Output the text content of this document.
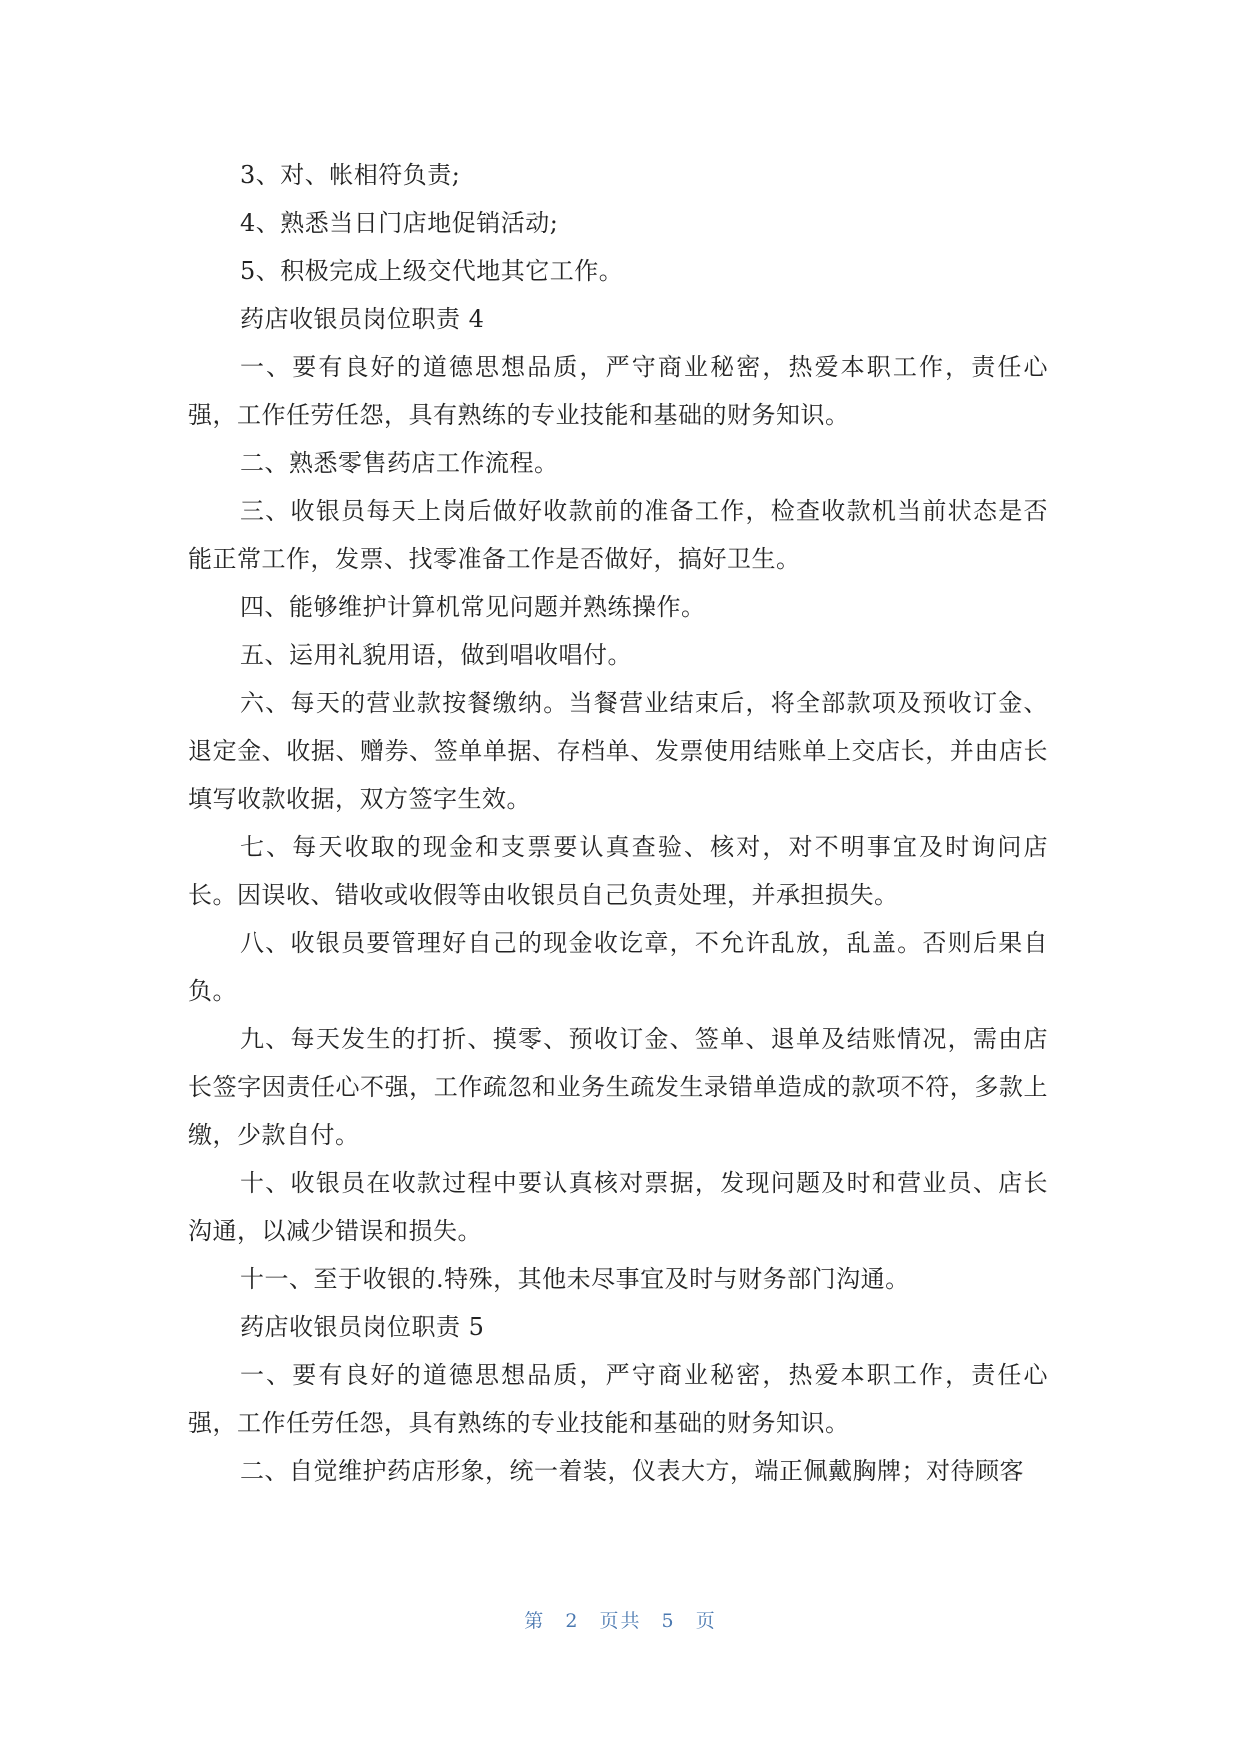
3、对、帐相符负责;

4、熟悉当日门店地促销活动;

5、积极完成上级交代地其它工作。

药店收银员岗位职责 4

一、要有良好的道德思想品质，严守商业秘密，热爱本职工作，责任心强，工作任劳任怨，具有熟练的专业技能和基础的财务知识。

二、熟悉零售药店工作流程。

三、收银员每天上岗后做好收款前的准备工作，检查收款机当前状态是否能正常工作，发票、找零准备工作是否做好，搞好卫生。

四、能够维护计算机常见问题并熟练操作。

五、运用礼貌用语，做到唱收唱付。

六、每天的营业款按餐缴纳。当餐营业结束后，将全部款项及预收订金、退定金、收据、赠券、签单单据、存档单、发票使用结账单上交店长，并由店长填写收款收据，双方签字生效。

七、每天收取的现金和支票要认真查验、核对，对不明事宜及时询问店长。因误收、错收或收假等由收银员自己负责处理，并承担损失。

八、收银员要管理好自己的现金收讫章，不允许乱放，乱盖。否则后果自负。

九、每天发生的打折、摸零、预收订金、签单、退单及结账情况，需由店长签字因责任心不强，工作疏忽和业务生疏发生录错单造成的款项不符，多款上缴，少款自付。

十、收银员在收款过程中要认真核对票据，发现问题及时和营业员、店长沟通，以减少错误和损失。

十一、至于收银的.特殊，其他未尽事宜及时与财务部门沟通。

药店收银员岗位职责 5

一、要有良好的道德思想品质，严守商业秘密，热爱本职工作，责任心强，工作任劳任怨，具有熟练的专业技能和基础的财务知识。

二、自觉维护药店形象，统一着装，仪表大方，端正佩戴胸牌；对待顾客

第 2 页共 5 页
